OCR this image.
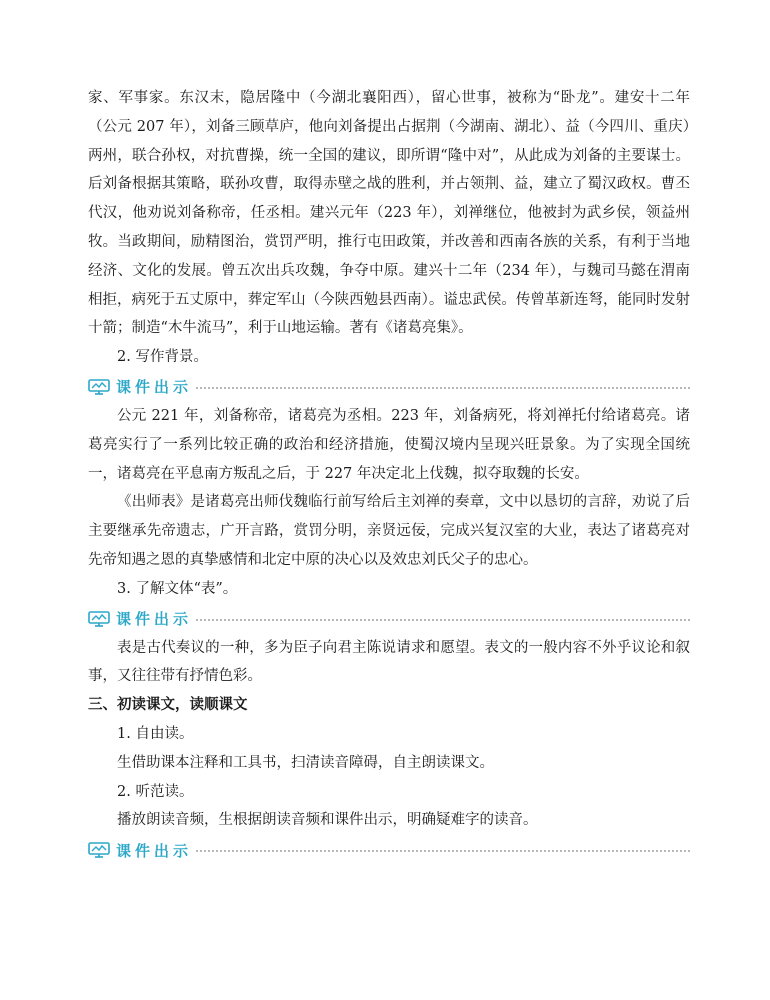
家、军事家。东汉末，隐居隆中（今湖北襄阳西），留心世事，被称为“卧龙”。建安十二年（公元 207 年），刘备三顾草庐，他向刘备提出占据荆（今湖南、湖北）、益（今四川、重庆）两州，联合孙权，对抗曹操，统一全国的建议，即所谓“隆中对”，从此成为刘备的主要谋士。后刘备根据其策略，联孙攻曹，取得赤壁之战的胜利，并占领荆、益，建立了蜀汉政权。曹丕代汉，他劝说刘备称帝，任丞相。建兴元年（223 年），刘禅继位，他被封为武乡侯，领益州牧。当政期间，励精图治，赏罚严明，推行屯田政策，并改善和西南各族的关系，有利于当地经济、文化的发展。曾五次出兵攻魏，争夺中原。建兴十二年（234 年），与魏司马懿在渭南相拒，病死于五丈原中，葬定军山（今陕西勉县西南）。谥忠武侯。传曾革新连弩，能同时发射十箭；制造“木牛流马”，利于山地运输。著有《诸葛亮集》。

2. 写作背景。

课件出示

公元 221 年，刘备称帝，诸葛亮为丞相。223 年，刘备病死，将刘禅托付给诸葛亮。诸葛亮实行了一系列比较正确的政治和经济措施，使蜀汉境内呈现兴旺景象。为了实现全国统一，诸葛亮在平息南方叛乱之后，于 227 年决定北上伐魏，拟夺取魏的长安。

《出师表》是诸葛亮出师伐魏临行前写给后主刘禅的奏章，文中以恳切的言辞，劝说了后主要继承先帝遗志，广开言路，赏罚分明，亲贤远佞，完成兴复汉室的大业，表达了诸葛亮对先帝知遇之恩的真挚感情和北定中原的决心以及效忠刘氏父子的忠心。

3. 了解文体“表”。

课件出示

表是古代奏议的一种，多为臣子向君主陈说请求和愿望。表文的一般内容不外乎议论和叙事，又往往带有抒情色彩。

三、初读课文，读顺课文

1. 自由读。

生借助课本注释和工具书，扫清读音障碍，自主朗读课文。

2. 听范读。

播放朗读音频，生根据朗读音频和课件出示，明确疑难字的读音。

课件出示
